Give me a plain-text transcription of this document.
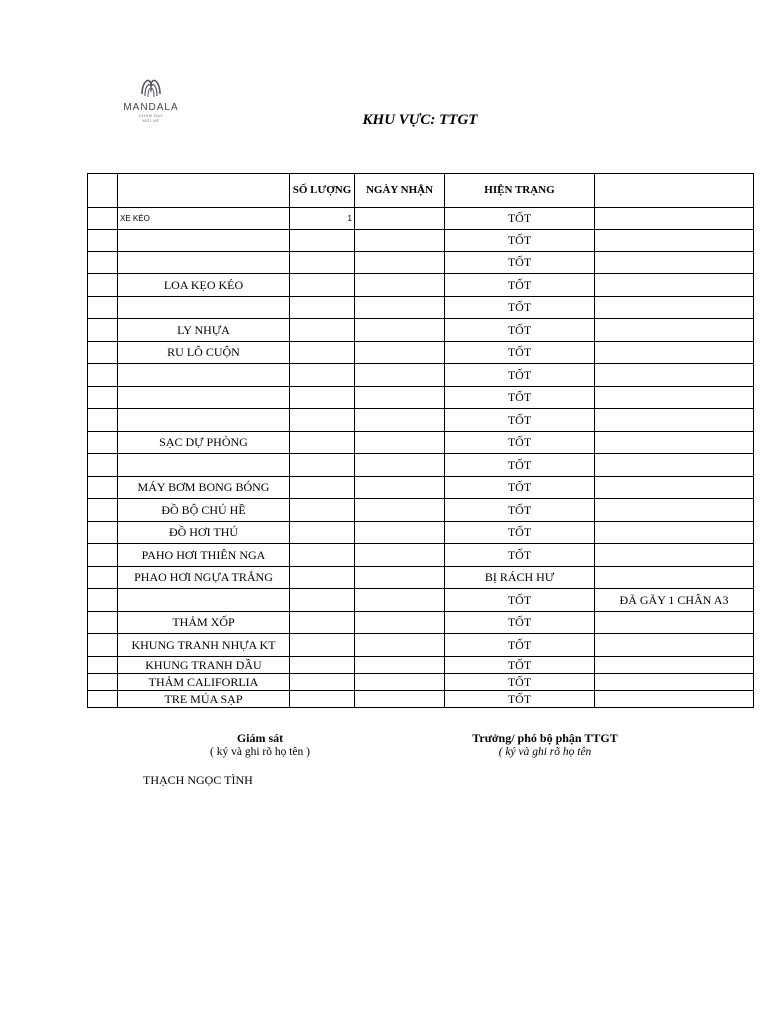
MANDALA
CHAM BAY
MŨI NÉ	KHU VỰC: TTGT
		SỐ LƯỢNG	NGÀY NHẬN	HIỆN TRẠNG	
	XE KÉO	1		TỐT	
				TỐT	
				TỐT	
	LOA KẸO KÉO			TỐT	
				TỐT	
	LY NHỰA			TỐT	
	RU LÔ CUỘN			TỐT	
				TỐT	
				TỐT	
				TỐT	
	SẠC DỰ PHÒNG			TỐT	
				TỐT	
	MÁY BƠM BONG BÓNG			TỐT	
	ĐỒ BỘ CHÚ HỀ			TỐT	
	ĐỒ HƠI THÚ			TỐT	
	PAHO HƠI THIÊN NGA			TỐT	
	PHAO HƠI NGỰA TRẮNG			BỊ RÁCH HƯ	
				TỐT	ĐÃ GÃY 1 CHÂN A3
	THẢM XỐP			TỐT	
	KHUNG TRANH NHỰA KT			TỐT	
	KHUNG TRANH DẦU			TỐT	
	THẢM CALIFORLIA			TỐT	
	TRE MÚA SẠP			TỐT	
Giám sát
( ký và ghi rõ họ tên )
THẠCH NGỌC TÌNH
Trưởng/ phó bộ phận TTGT
( ký và ghi rõ họ tên
